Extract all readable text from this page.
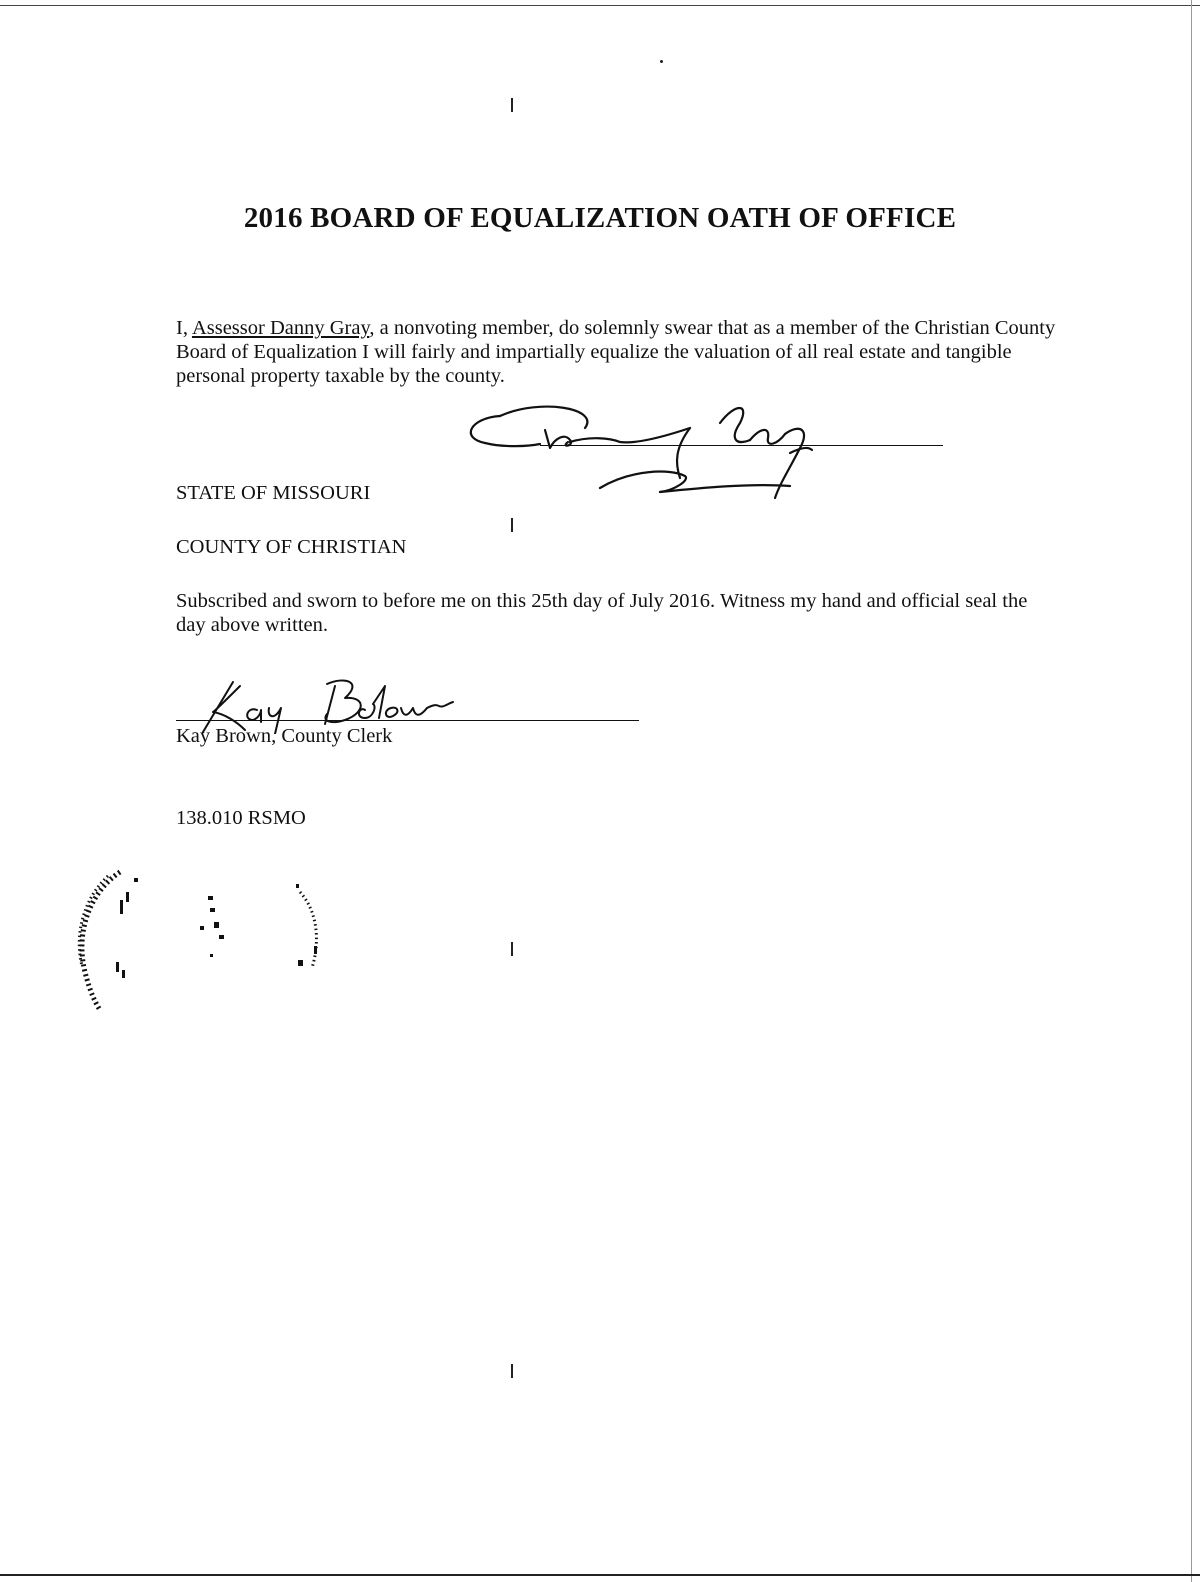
2016 BOARD OF EQUALIZATION OATH OF OFFICE
I, Assessor Danny Gray, a nonvoting member, do solemnly swear that as a member of the Christian County Board of Equalization I will fairly and impartially equalize the valuation of all real estate and tangible personal property taxable by the county.
STATE OF MISSOURI
COUNTY OF CHRISTIAN
Subscribed and sworn to before me on this 25th day of July 2016. Witness my hand and official seal the day above written.
Kay Brown, County Clerk
138.010 RSMO
